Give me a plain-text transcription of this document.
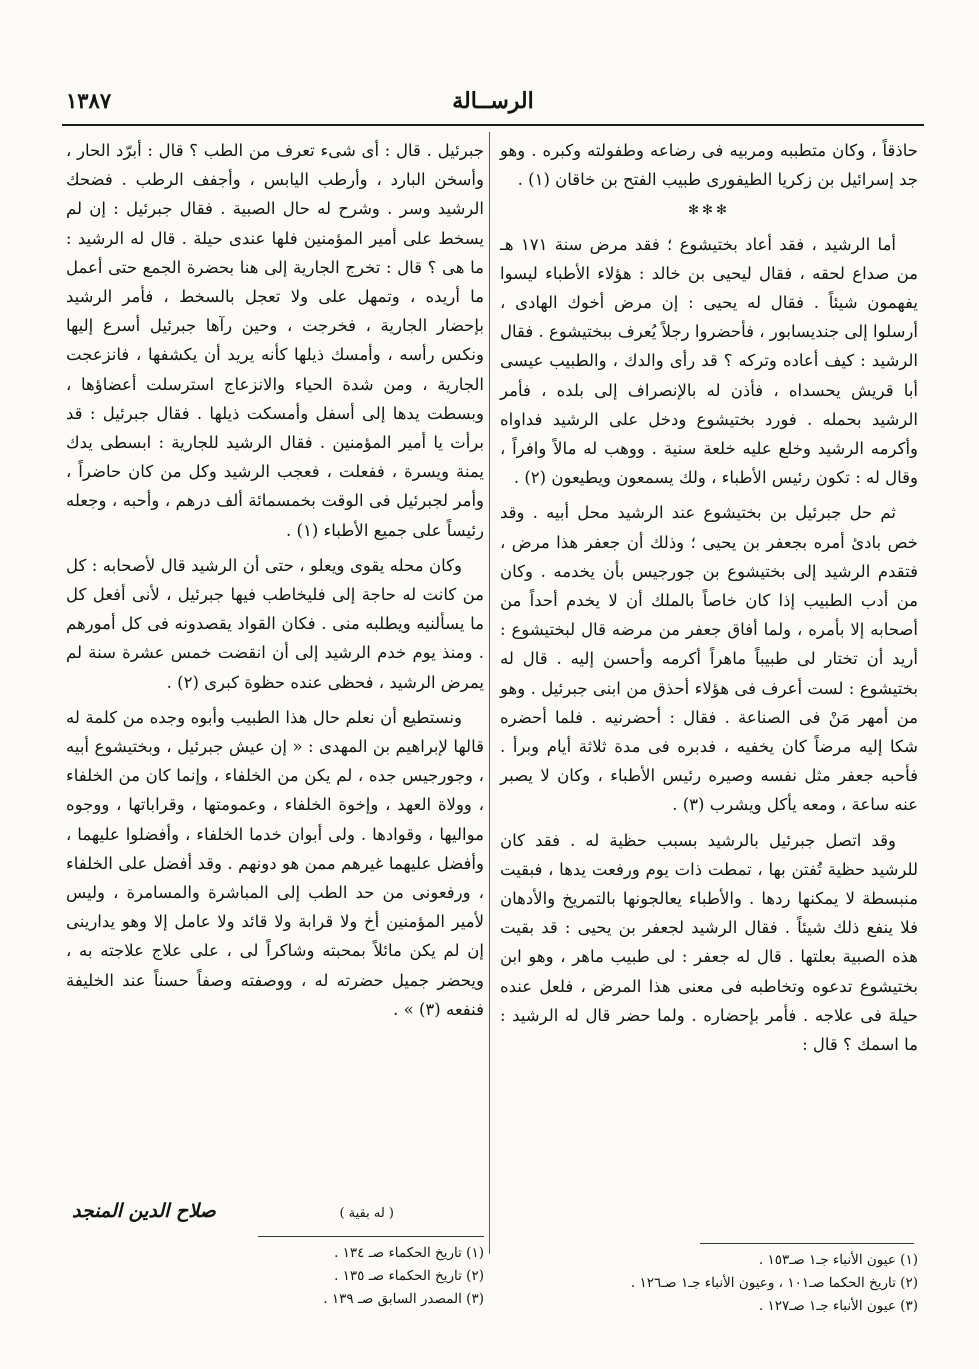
الرســالة
١٣٨٧

حاذقاً ، وكان متطببه ومربيه فى رضاعه وطفولته وكبره . وهو جد إسرائيل بن زكريا الطيفورى طبيب الفتح بن خاقان (١) .

✻✻✻

أما الرشيد ، فقد أعاد بختيشوع ؛ فقد مرض سنة ١٧١ هـ من صداع لحقه ، فقال ليحيى بن خالد : هؤلاء الأطباء ليسوا يفهمون شيئاً . فقال له يحيى : إن مرض أخوك الهادى ، أرسلوا إلى جنديسابور ، فأحضروا رجلاً يُعرف ببختيشوع . فقال الرشيد : كيف أعاده وتركه ؟ قد رأى والدك ، والطبيب عيسى أبا قريش يحسداه ، فأذن له بالإنصراف إلى بلده ، فأمر الرشيد بحمله . فورد بختيشوع ودخل على الرشيد فداواه وأكرمه الرشيد وخلع عليه خلعة سنية . ووهب له مالاً وافراً ، وقال له : تكون رئيس الأطباء ، ولك يسمعون ويطيعون (٢) .

ثم حل جبرئيل بن بختيشوع عند الرشيد محل أبيه . وقد خص بادئ أمره بجعفر بن يحيى ؛ وذلك أن جعفر هذا مرض ، فتقدم الرشيد إلى بختيشوع بن جورجيس بأن يخدمه . وكان من أدب الطبيب إذا كان خاصاً بالملك أن لا يخدم أحداً من أصحابه إلا بأمره ، ولما أفاق جعفر من مرضه قال لبختيشوع : أريد أن تختار لى طبيباً ماهراً أكرمه وأحسن إليه . قال له بختيشوع : لست أعرف فى هؤلاء أحذق من ابنى جبرئيل . وهو من أمهر مَنْ فى الصناعة . فقال : أحضرنيه . فلما أحضره شكا إليه مرضاً كان يخفيه ، فدبره فى مدة ثلاثة أيام وبرأ . فأحبه جعفر مثل نفسه وصيره رئيس الأطباء ، وكان لا يصبر عنه ساعة ، ومعه يأكل ويشرب (٣) .

وقد اتصل جبرئيل بالرشيد بسبب حظية له . فقد كان للرشيد حظية تُفتن بها ، تمطت ذات يوم ورفعت يدها ، فبقيت منبسطة لا يمكنها ردها . والأطباء يعالجونها بالتمريخ والأدهان فلا ينفع ذلك شيئاً . فقال الرشيد لجعفر بن يحيى : قد بقيت هذه الصبية بعلتها . قال له جعفر : لى طبيب ماهر ، وهو ابن بختيشوع تدعوه وتخاطبه فى معنى هذا المرض ، فلعل عنده حيلة فى علاجه . فأمر بإحضاره . ولما حضر قال له الرشيد : ما اسمك ؟ قال :

جبرئيل . قال : أى شىء تعرف من الطب ؟ قال : أبرّد الحار ، وأسخن البارد ، وأرطب اليابس ، وأجفف الرطب . فضحك الرشيد وسر . وشرح له حال الصبية . فقال جبرئيل : إن لم يسخط على أمير المؤمنين فلها عندى حيلة . قال له الرشيد : ما هى ؟ قال : تخرج الجارية إلى هنا بحضرة الجمع حتى أعمل ما أريده ، وتمهل على ولا تعجل بالسخط ، فأمر الرشيد بإحضار الجارية ، فخرجت ، وحين رآها جبرئيل أسرع إليها ونكس رأسه ، وأمسك ذيلها كأنه يريد أن يكشفها ، فانزعجت الجارية ، ومن شدة الحياء والانزعاج استرسلت أعضاؤها ، وبسطت يدها إلى أسفل وأمسكت ذيلها . فقال جبرئيل : قد برأت يا أمير المؤمنين . فقال الرشيد للجارية : ابسطى يدك يمنة ويسرة ، ففعلت ، فعجب الرشيد وكل من كان حاضراً ، وأمر لجبرئيل فى الوقت بخمسمائة ألف درهم ، وأحبه ، وجعله رئيساً على جميع الأطباء (١) .

وكان محله يقوى ويعلو ، حتى أن الرشيد قال لأصحابه : كل من كانت له حاجة إلى فليخاطب فيها جبرئيل ، لأنى أفعل كل ما يسألنيه ويطلبه منى . فكان القواد يقصدونه فى كل أمورهم . ومنذ يوم خدم الرشيد إلى أن انقضت خمس عشرة سنة لم يمرض الرشيد ، فحظى عنده حظوة كبرى (٢) .

ونستطيع أن نعلم حال هذا الطبيب وأبوه وجده من كلمة له قالها لإبراهيم بن المهدى : « إن عيش جبرئيل ، وبختيشوع أبيه ، وجورجيس جده ، لم يكن من الخلفاء ، وإنما كان من الخلفاء ، وولاة العهد ، وإخوة الخلفاء ، وعمومتها ، وقراباتها ، ووجوه مواليها ، وقوادها . ولى أبوان خدما الخلفاء ، وأفضلوا عليهما ، وأفضل عليهما غيرهم ممن هو دونهم . وقد أفضل على الخلفاء ، ورفعونى من حد الطب إلى المباشرة والمسامرة ، وليس لأمير المؤمنين أخ ولا قرابة ولا قائد ولا عامل إلا وهو يدارينى إن لم يكن مائلاً بمحبته وشاكراً لى ، على علاج علاجته به ، ويحضر جميل حضرته له ، ووصفته وصفاً حسناً عند الخليفة فنفعه (٣) » .

( له بقية )
صلاح الدين المنجد
(١) عيون الأنباء جـ١ صـ١٥٣ .
(٢) تاريخ الحكما صـ١٠١ ، وعيون الأنباء جـ١ صـ١٢٦ .
(٣) عيون الأنباء جـ١ صـ١٢٧ .
(١) تاريخ الحكماء صـ ١٣٤ .
(٢) تاريخ الحكماء صـ ١٣٥ .
(٣) المصدر السابق صـ ١٣٩ .
